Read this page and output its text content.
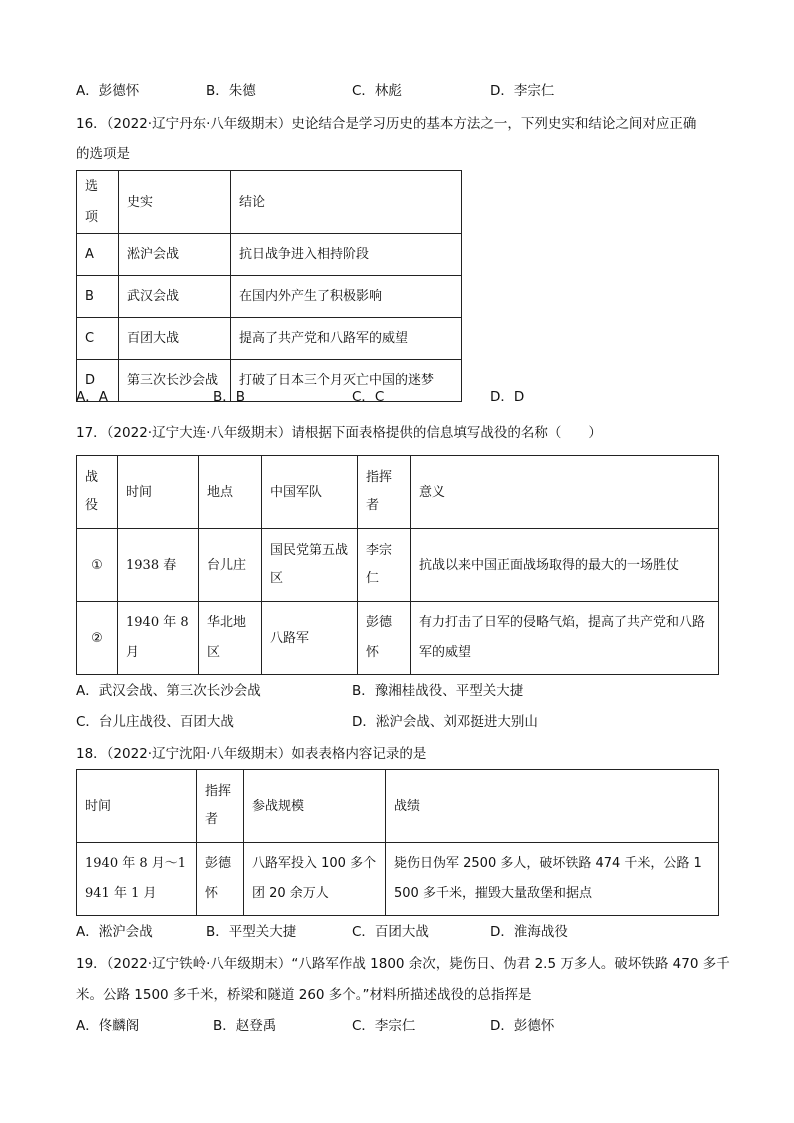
A．彭德怀	B．朱德	C．林彪	D．李宗仁
16．（2022·辽宁丹东·八年级期末）史论结合是学习历史的基本方法之一，下列史实和结论之间对应正确
的选项是
选项	史实	结论
A	淞沪会战	抗日战争进入相持阶段
B	武汉会战	在国内外产生了积极影响
C	百团大战	提高了共产党和八路军的威望
D	第三次长沙会战	打破了日本三个月灭亡中国的迷梦
A．A	B．B	C．C	D．D
17．（2022·辽宁大连·八年级期末）请根据下面表格提供的信息填写战役的名称（　　）
战役	时间	地点	中国军队	指挥者	意义
①	1938 春	台儿庄	国民党第五战区	李宗仁	抗战以来中国正面战场取得的最大的一场胜仗
②	1940 年 8 月	华北地区	八路军	彭德怀	有力打击了日军的侵略气焰，提高了共产党和八路军的威望
A．武汉会战、第三次长沙会战	B．豫湘桂战役、平型关大捷
C．台儿庄战役、百团大战	D．淞沪会战、刘邓挺进大别山
18．（2022·辽宁沈阳·八年级期末）如表表格内容记录的是
时间	指挥者	参战规模	战绩
1940 年 8 月～1941 年 1 月	彭德怀	八路军投入 100 多个团 20 余万人	毙伤日伪军 2500 多人，破坏铁路 474 千米，公路 1500 多千米，摧毁大量敌堡和据点
A．淞沪会战	B．平型关大捷	C．百团大战	D．淮海战役
19．（2022·辽宁铁岭·八年级期末）“八路军作战 1800 余次，毙伤日、伪君 2.5 万多人。破坏铁路 470 多千
米。公路 1500 多千米，桥梁和隧道 260 多个。”材料所描述战役的总指挥是
A．佟麟阁	B．赵登禹	C．李宗仁	D．彭德怀
